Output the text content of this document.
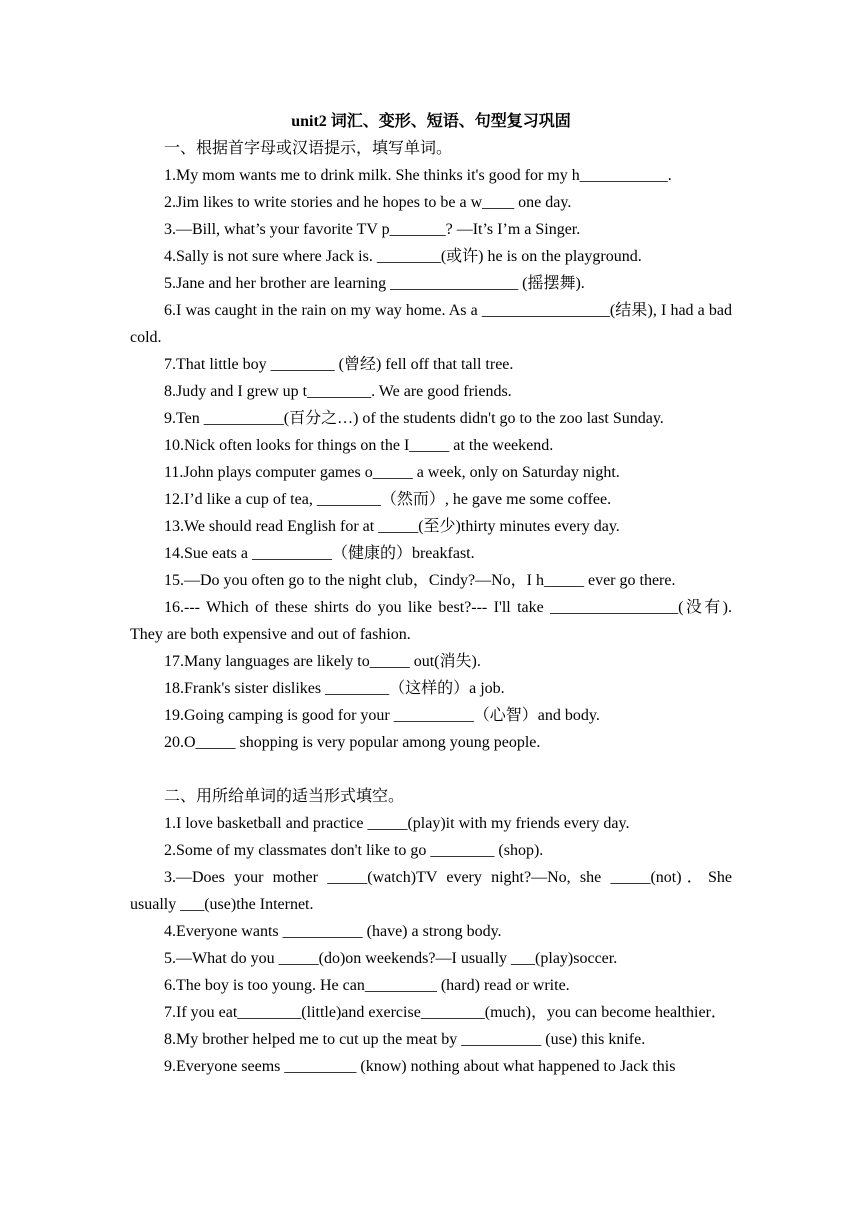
unit2 词汇、变形、短语、句型复习巩固

一、根据首字母或汉语提示，填写单词。

1.My mom wants me to drink milk. She thinks it's good for my h___________.

2.Jim likes to write stories and he hopes to be a w____ one day.

3.—Bill, what’s your favorite TV p_______? —It’s I’m a Singer.

4.Sally is not sure where Jack is. ________(或许) he is on the playground.

5.Jane and her brother are learning ________________ (摇摆舞).

6.I was caught in the rain on my way home. As a ________________(结果), I had a bad cold.

7.That little boy ________ (曾经) fell off that tall tree.

8.Judy and I grew up t________. We are good friends.

9.Ten __________(百分之…) of the students didn't go to the zoo last Sunday.

10.Nick often looks for things on the I_____ at the weekend.

11.John plays computer games o_____ a week, only on Saturday night.

12.I’d like a cup of tea, ________（然而）, he gave me some coffee.

13.We should read English for at _____(至少)thirty minutes every day.

14.Sue eats a __________（健康的）breakfast.

15.—Do you often go to the night club，Cindy?—No，I h_____ ever go there.

16.--- Which of these shirts do you like best?--- I'll take ________________(没有). They are both expensive and out of fashion.

17.Many languages are likely to_____ out(消失).

18.Frank's sister dislikes ________（这样的）a job.

19.Going camping is good for your __________（心智）and body.

20.O_____ shopping is very popular among young people.

二、用所给单词的适当形式填空。

1.I love basketball and practice _____(play)it with my friends every day.

2.Some of my classmates don't like to go ________ (shop).

3.—Does your mother _____(watch)TV every night?—No, she _____(not)．She usually ___(use)the Internet.

4.Everyone wants __________ (have) a strong body.

5.—What do you _____(do)on weekends?—I usually ___(play)soccer.

6.The boy is too young. He can_________ (hard) read or write.

7.If you eat________(little)and exercise________(much)，you can become healthier．

8.My brother helped me to cut up the meat by __________ (use) this knife.

9.Everyone seems _________ (know) nothing about what happened to Jack this
